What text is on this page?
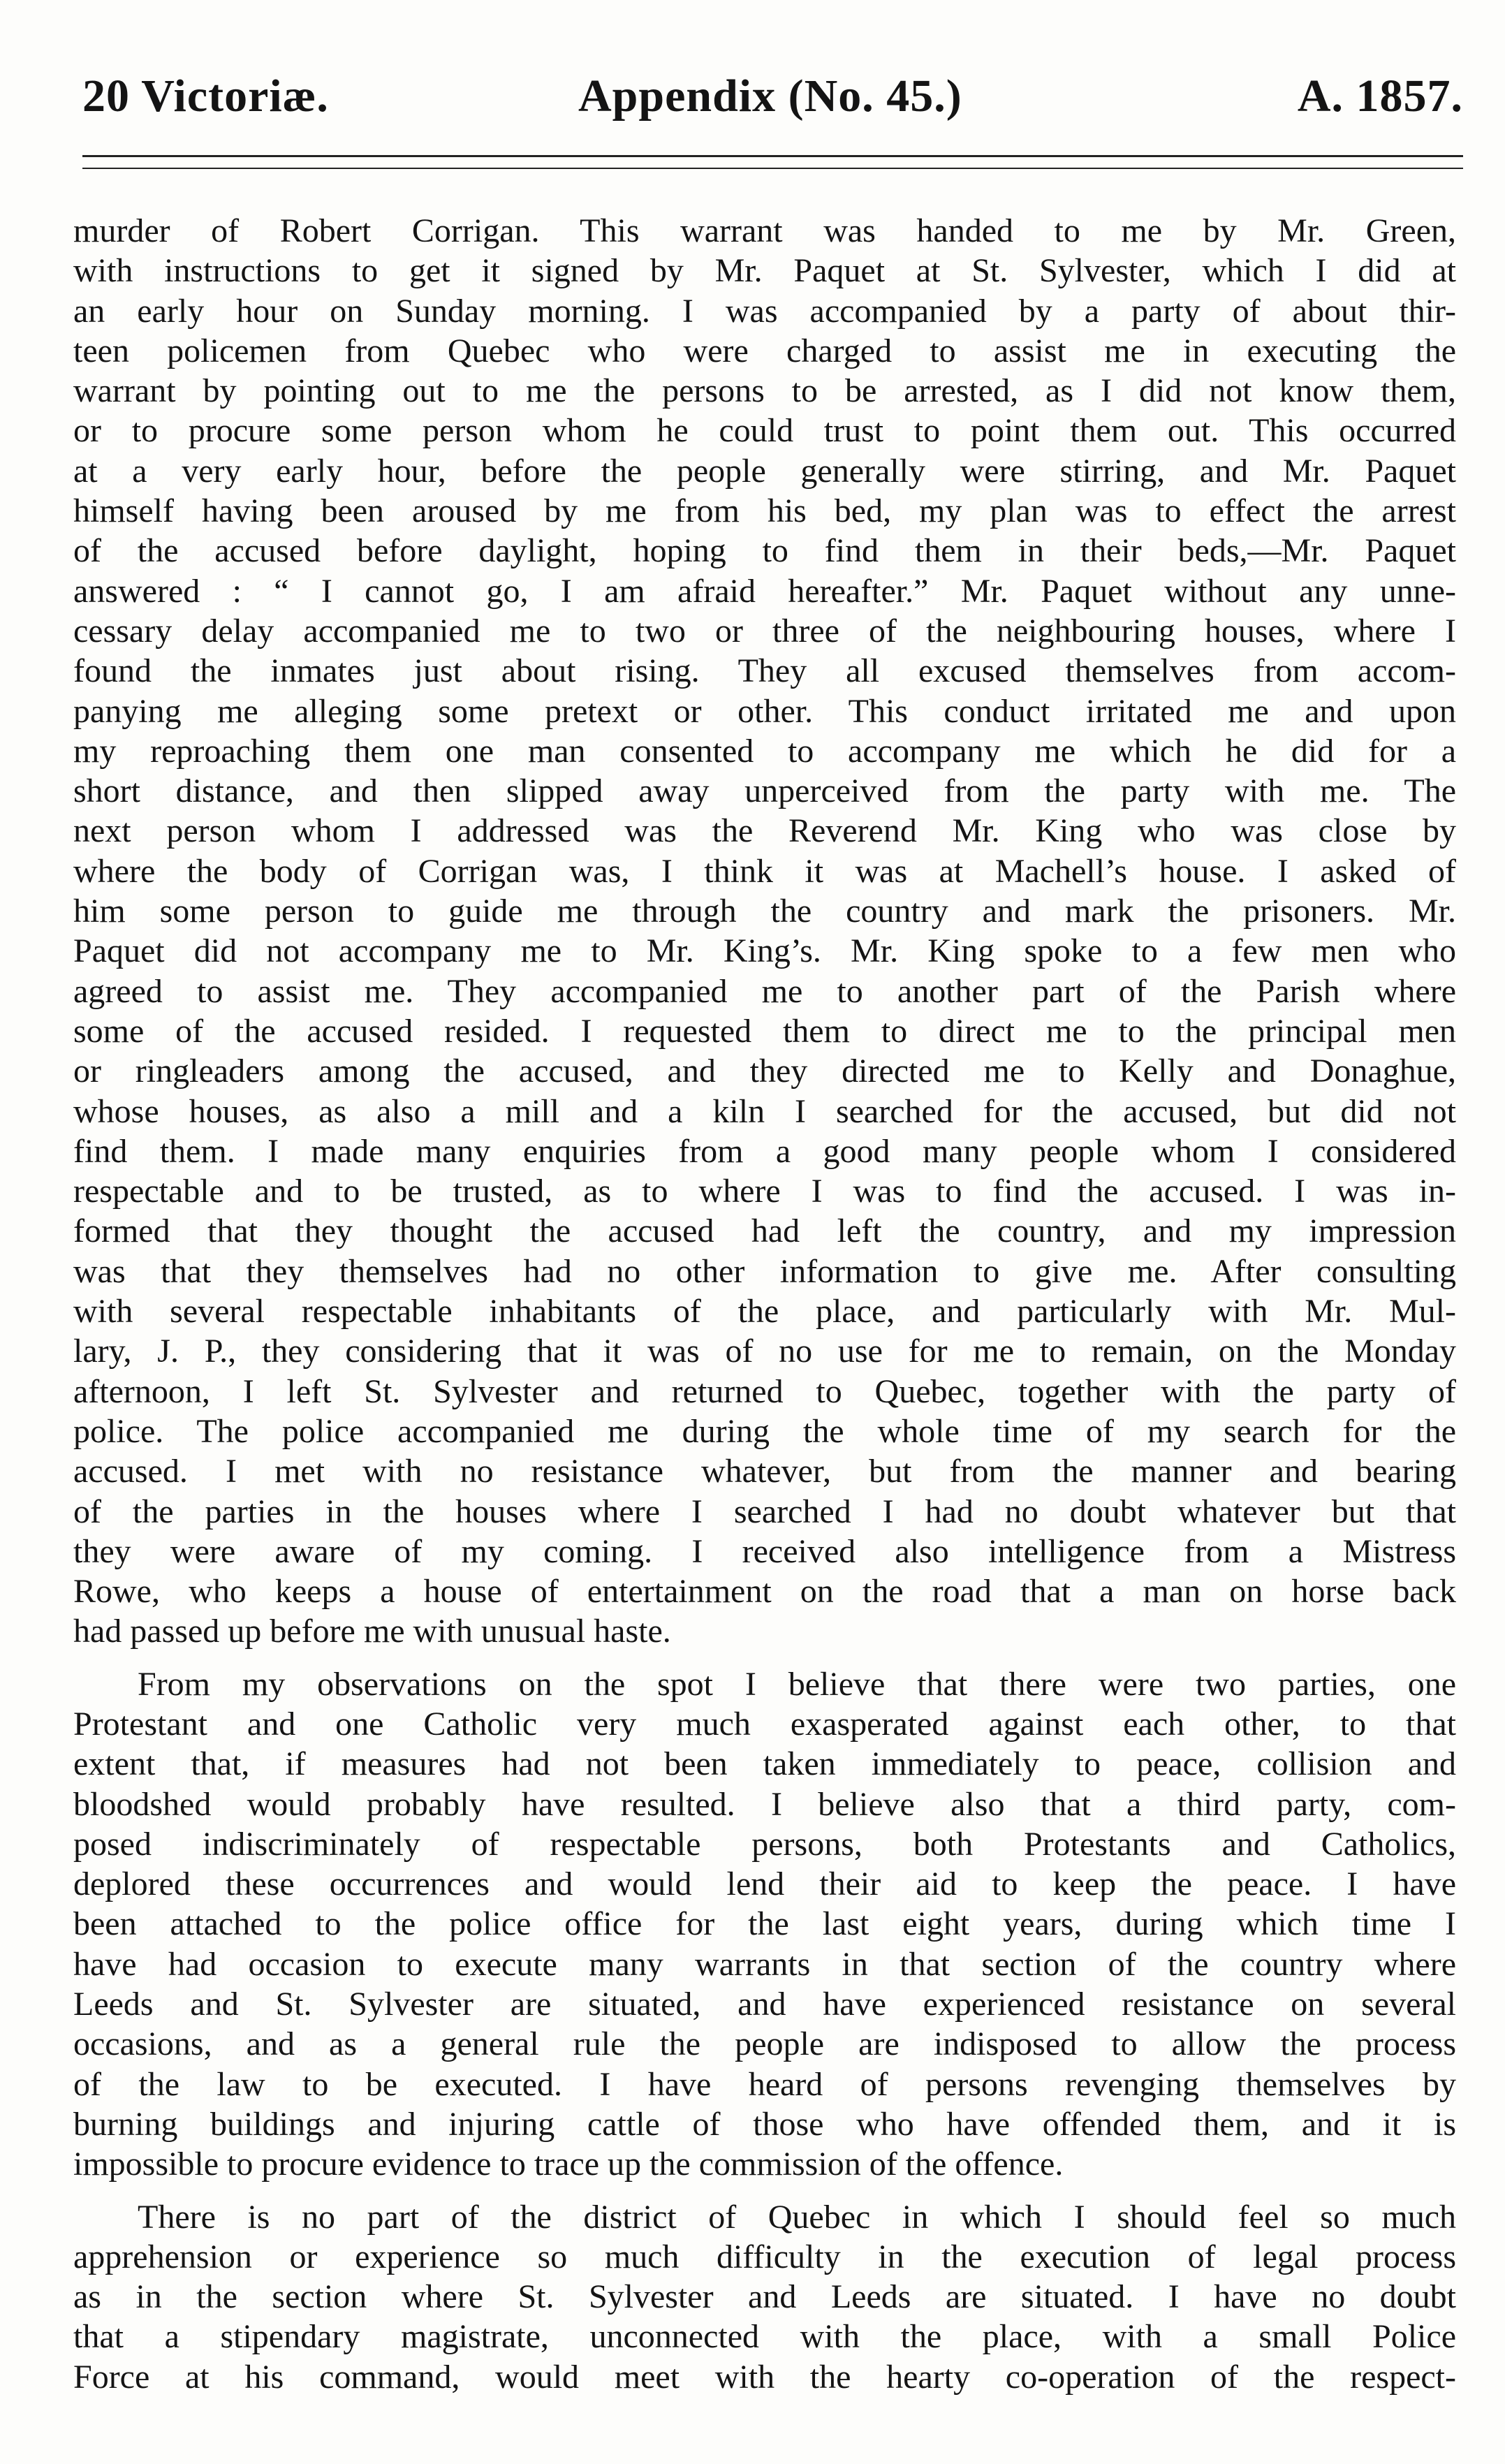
20 Victoriæ.	Appendix (No. 45.)	A. 1857.

murder of Robert Corrigan. This warrant was handed to me by Mr. Green,

with instructions to get it signed by Mr. Paquet at St. Sylvester, which I did at

an early hour on Sunday morning. I was accompanied by a party of about thir-

teen policemen from Quebec who were charged to assist me in executing the

warrant by pointing out to me the persons to be arrested, as I did not know them,

or to procure some person whom he could trust to point them out. This occurred

at a very early hour, before the people generally were stirring, and Mr. Paquet

himself having been aroused by me from his bed, my plan was to effect the arrest

of the accused before daylight, hoping to find them in their beds,—Mr. Paquet

answered : “ I cannot go, I am afraid hereafter.” Mr. Paquet without any unne-

cessary delay accompanied me to two or three of the neighbouring houses, where I

found the inmates just about rising. They all excused themselves from accom-

panying me alleging some pretext or other. This conduct irritated me and upon

my reproaching them one man consented to accompany me which he did for a

short distance, and then slipped away unperceived from the party with me. The

next person whom I addressed was the Reverend Mr. King who was close by

where the body of Corrigan was, I think it was at Machell’s house. I asked of

him some person to guide me through the country and mark the prisoners. Mr.

Paquet did not accompany me to Mr. King’s. Mr. King spoke to a few men who

agreed to assist me. They accompanied me to another part of the Parish where

some of the accused resided. I requested them to direct me to the principal men

or ringleaders among the accused, and they directed me to Kelly and Donaghue,

whose houses, as also a mill and a kiln I searched for the accused, but did not

find them. I made many enquiries from a good many people whom I considered

respectable and to be trusted, as to where I was to find the accused. I was in-

formed that they thought the accused had left the country, and my impression

was that they themselves had no other information to give me. After consulting

with several respectable inhabitants of the place, and particularly with Mr. Mul-

lary, J. P., they considering that it was of no use for me to remain, on the Monday

afternoon, I left St. Sylvester and returned to Quebec, together with the party of

police. The police accompanied me during the whole time of my search for the

accused. I met with no resistance whatever, but from the manner and bearing

of the parties in the houses where I searched I had no doubt whatever but that

they were aware of my coming. I received also intelligence from a Mistress

Rowe, who keeps a house of entertainment on the road that a man on horse back

had passed up before me with unusual haste.

From my observations on the spot I believe that there were two parties, one

Protestant and one Catholic very much exasperated against each other, to that

extent that, if measures had not been taken immediately to peace, collision and

bloodshed would probably have resulted. I believe also that a third party, com-

posed indiscriminately of respectable persons, both Protestants and Catholics,

deplored these occurrences and would lend their aid to keep the peace. I have

been attached to the police office for the last eight years, during which time I

have had occasion to execute many warrants in that section of the country where

Leeds and St. Sylvester are situated, and have experienced resistance on several

occasions, and as a general rule the people are indisposed to allow the process

of the law to be executed. I have heard of persons revenging themselves by

burning buildings and injuring cattle of those who have offended them, and it is

impossible to procure evidence to trace up the commission of the offence.

There is no part of the district of Quebec in which I should feel so much

apprehension or experience so much difficulty in the execution of legal process

as in the section where St. Sylvester and Leeds are situated. I have no doubt

that a stipendary magistrate, unconnected with the place, with a small Police

Force at his command, would meet with the hearty co-operation of the respect-
